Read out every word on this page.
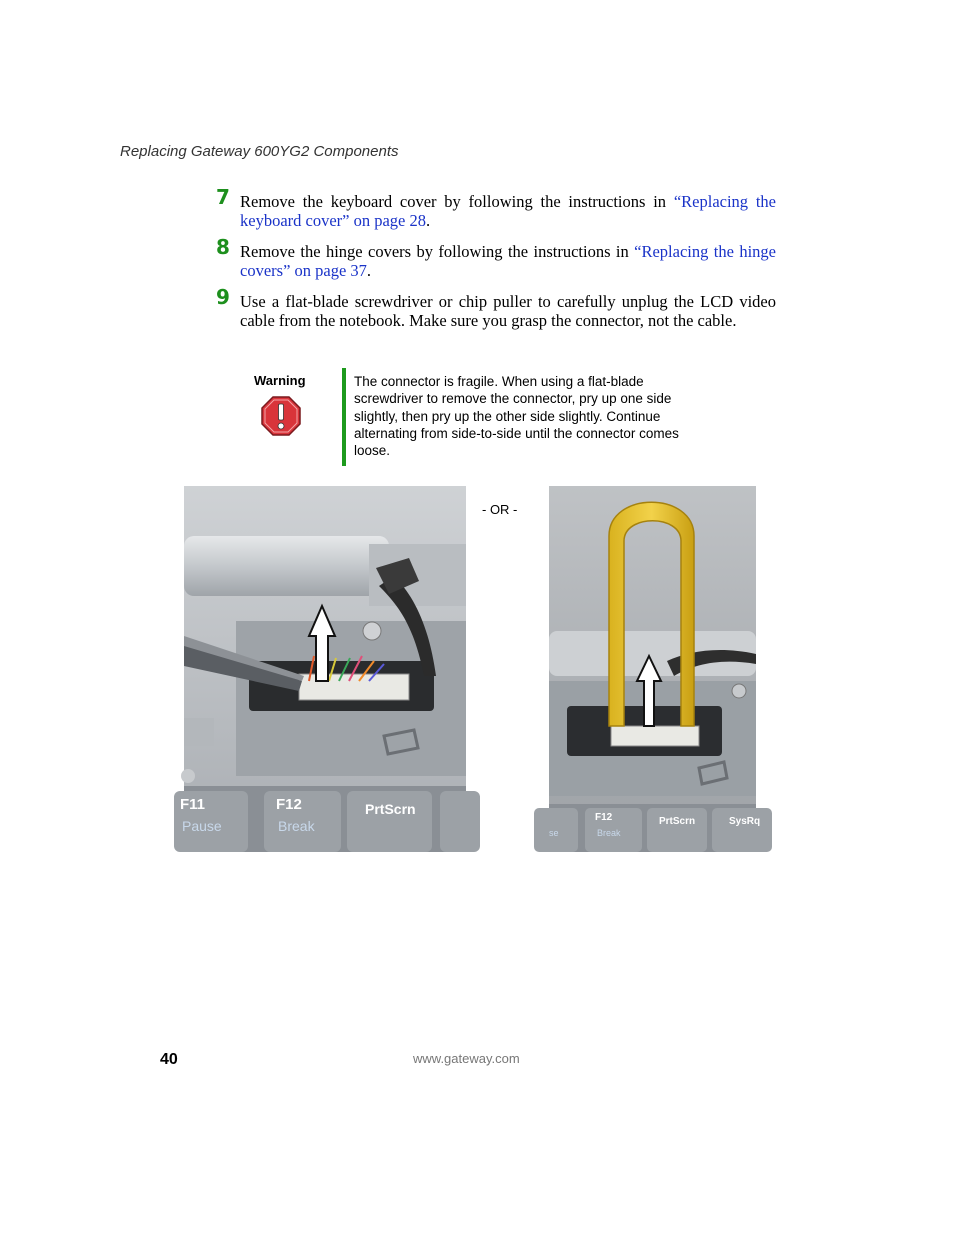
Replacing Gateway 600YG2 Components
7 Remove the keyboard cover by following the instructions in “Replacing the keyboard cover” on page 28.
8 Remove the hinge covers by following the instructions in “Replacing the hinge covers” on page 37.
9 Use a flat-blade screwdriver or chip puller to carefully unplug the LCD video cable from the notebook. Make sure you grasp the connector, not the cable.
Warning	The connector is fragile. When using a flat-blade screwdriver to remove the connector, pry up one side slightly, then pry up the other side slightly. Continue alternating from side-to-side until the connector comes loose.
F11
Pause
F12
Break
PrtScrn
- OR -
se
F12
Break
PrtScrn	SysRq
40	www.gateway.com
